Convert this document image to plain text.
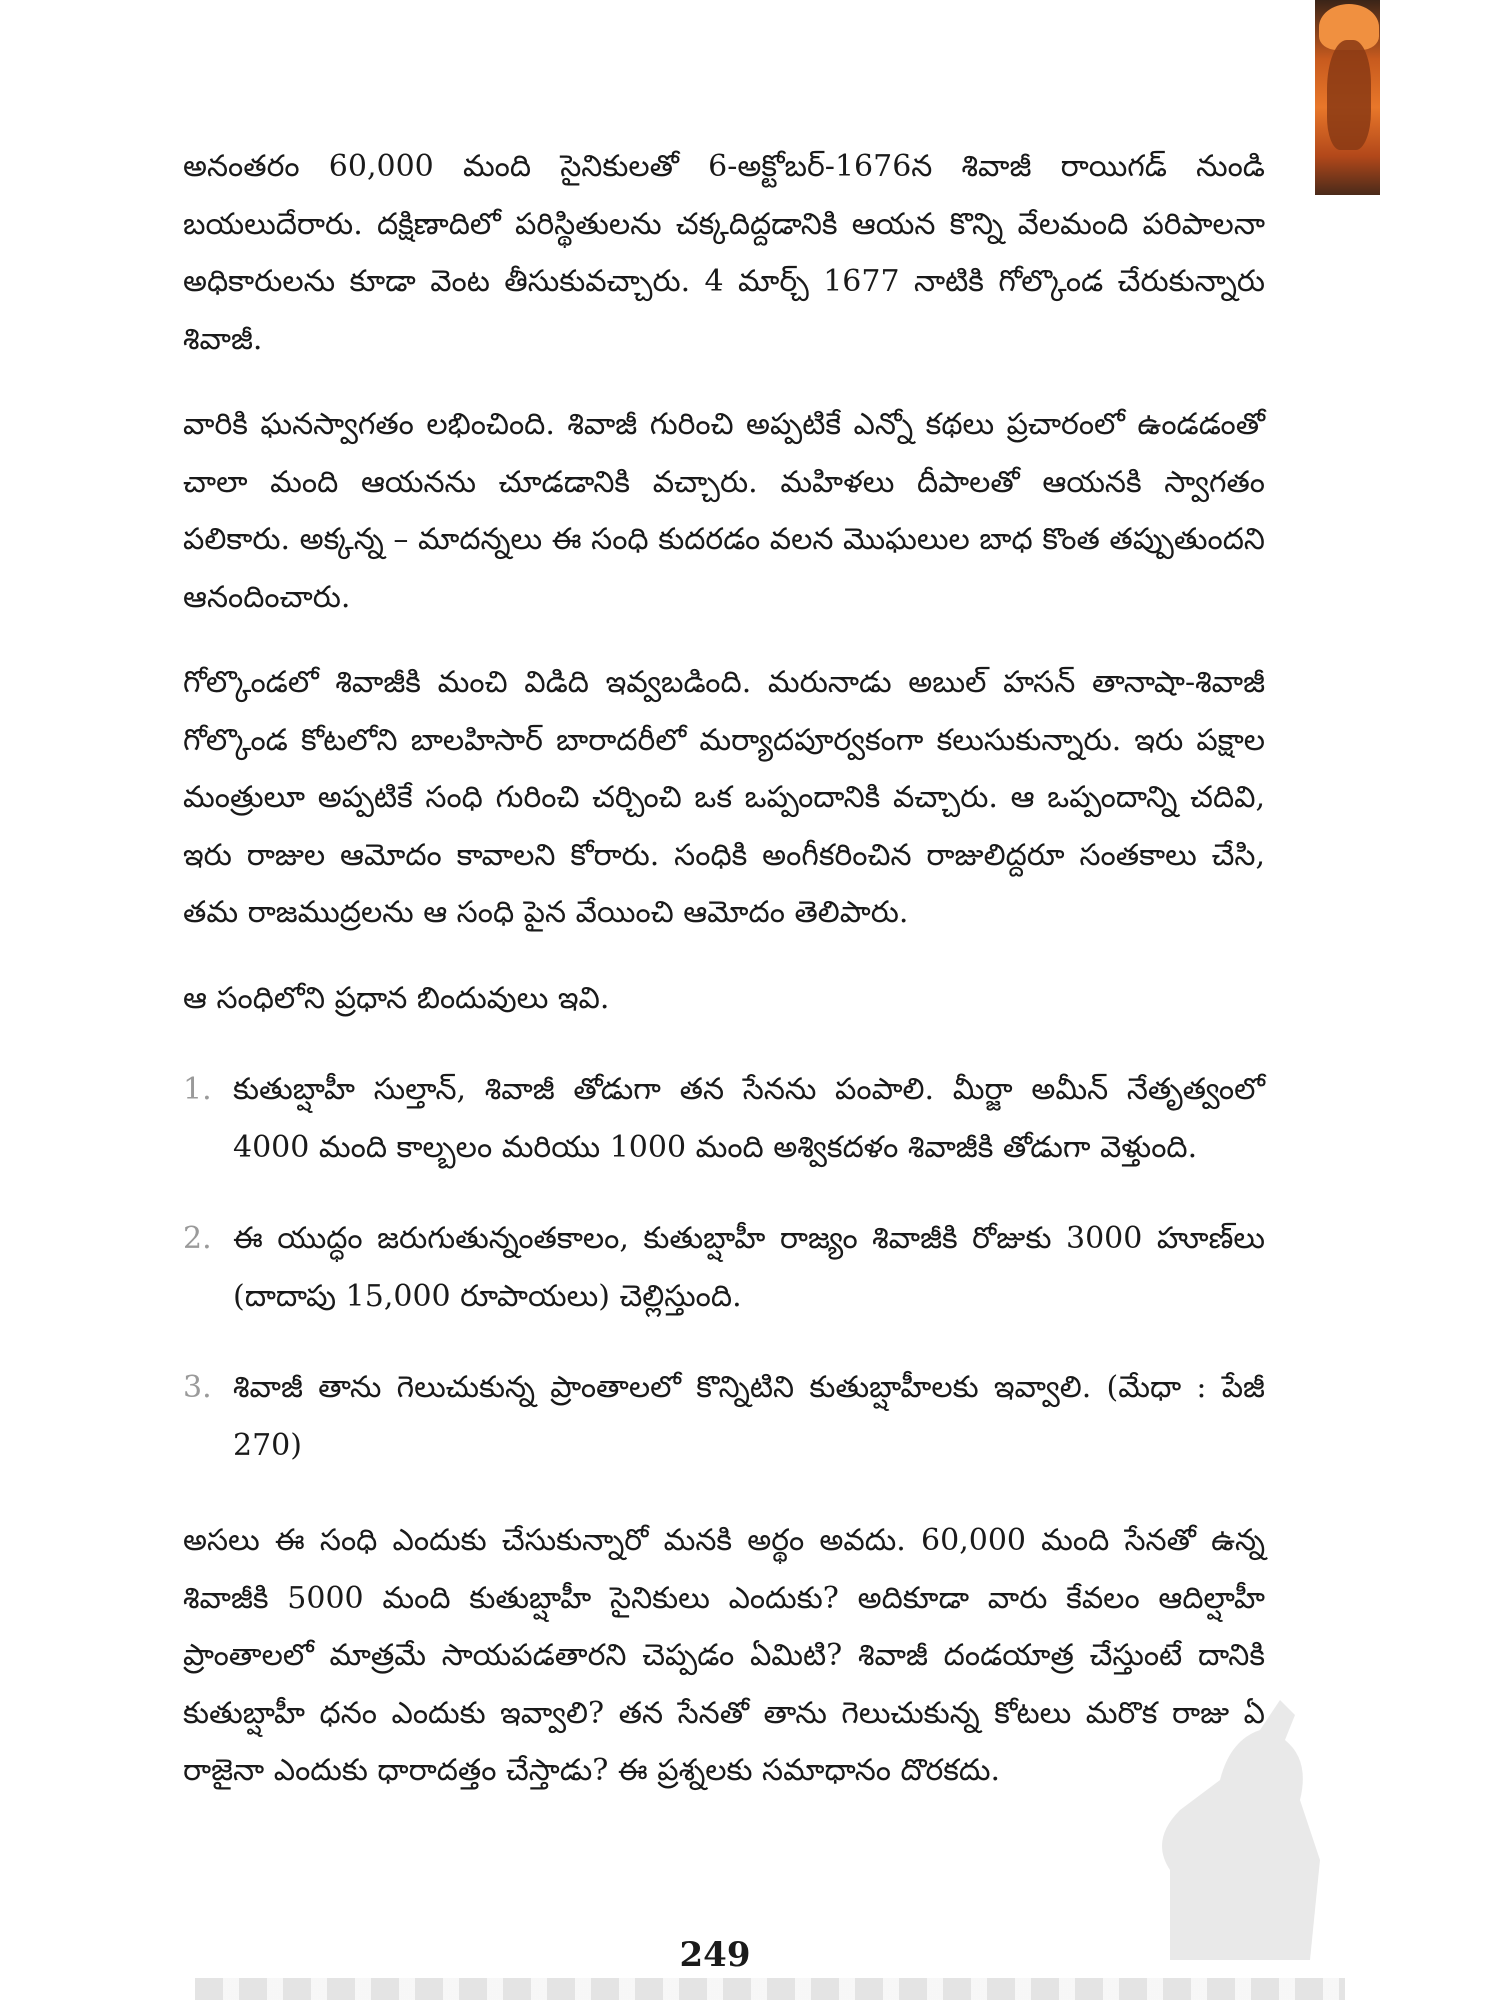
అనంతరం 60,000 మంది సైనికులతో 6-అక్టోబర్-1676న శివాజీ రాయిగడ్ నుండి బయలుదేరారు. దక్షిణాదిలో పరిస్థితులను చక్కదిద్దడానికి ఆయన కొన్ని వేలమంది పరిపాలనా అధికారులను కూడా వెంట తీసుకువచ్చారు. 4 మార్చ్ 1677 నాటికి గోల్కొండ చేరుకున్నారు శివాజీ.

వారికి ఘనస్వాగతం లభించింది. శివాజీ గురించి అప్పటికే ఎన్నో కథలు ప్రచారంలో ఉండడంతో చాలా మంది ఆయనను చూడడానికి వచ్చారు. మహిళలు దీపాలతో ఆయనకి స్వాగతం పలికారు. అక్కన్న – మాదన్నలు ఈ సంధి కుదరడం వలన మొఘలుల బాధ కొంత తప్పుతుందని ఆనందించారు.

గోల్కొండలో శివాజీకి మంచి విడిది ఇవ్వబడింది. మరునాడు అబుల్ హసన్ తానాషా-శివాజీ గోల్కొండ కోటలోని బాలహిసార్ బారాదరీలో మర్యాదపూర్వకంగా కలుసుకున్నారు. ఇరు పక్షాల మంత్రులూ అప్పటికే సంధి గురించి చర్చించి ఒక ఒప్పందానికి వచ్చారు. ఆ ఒప్పందాన్ని చదివి, ఇరు రాజుల ఆమోదం కావాలని కోరారు. సంధికి అంగీకరించిన రాజులిద్దరూ సంతకాలు చేసి, తమ రాజముద్రలను ఆ సంధి పైన వేయించి ఆమోదం తెలిపారు.

ఆ సంధిలోని ప్రధాన బిందువులు ఇవి.

1. కుతుబ్షాహీ సుల్తాన్, శివాజీ తోడుగా తన సేనను పంపాలి. మీర్జా అమీన్ నేతృత్వంలో 4000 మంది కాల్బలం మరియు 1000 మంది అశ్వికదళం శివాజీకి తోడుగా వెళ్తుంది.
2. ఈ యుద్ధం జరుగుతున్నంతకాలం, కుతుబ్షాహీ రాజ్యం శివాజీకి రోజుకు 3000 హూణ్‌లు (దాదాపు 15,000 రూపాయలు) చెల్లిస్తుంది.
3. శివాజీ తాను గెలుచుకున్న ప్రాంతాలలో కొన్నిటిని కుతుబ్షాహీలకు ఇవ్వాలి. (మేధా : పేజీ 270)

అసలు ఈ సంధి ఎందుకు చేసుకున్నారో మనకి అర్థం అవదు. 60,000 మంది సేనతో ఉన్న శివాజీకి 5000 మంది కుతుబ్షాహీ సైనికులు ఎందుకు? అదికూడా వారు కేవలం ఆదిల్షాహీ ప్రాంతాలలో మాత్రమే సాయపడతారని చెప్పడం ఏమిటి? శివాజీ దండయాత్ర చేస్తుంటే దానికి కుతుబ్షాహీ ధనం ఎందుకు ఇవ్వాలి? తన సేనతో తాను గెలుచుకున్న కోటలు మరొక రాజు ఏ రాజైనా ఎందుకు ధారాదత్తం చేస్తాడు? ఈ ప్రశ్నలకు సమాధానం దొరకదు.

249
